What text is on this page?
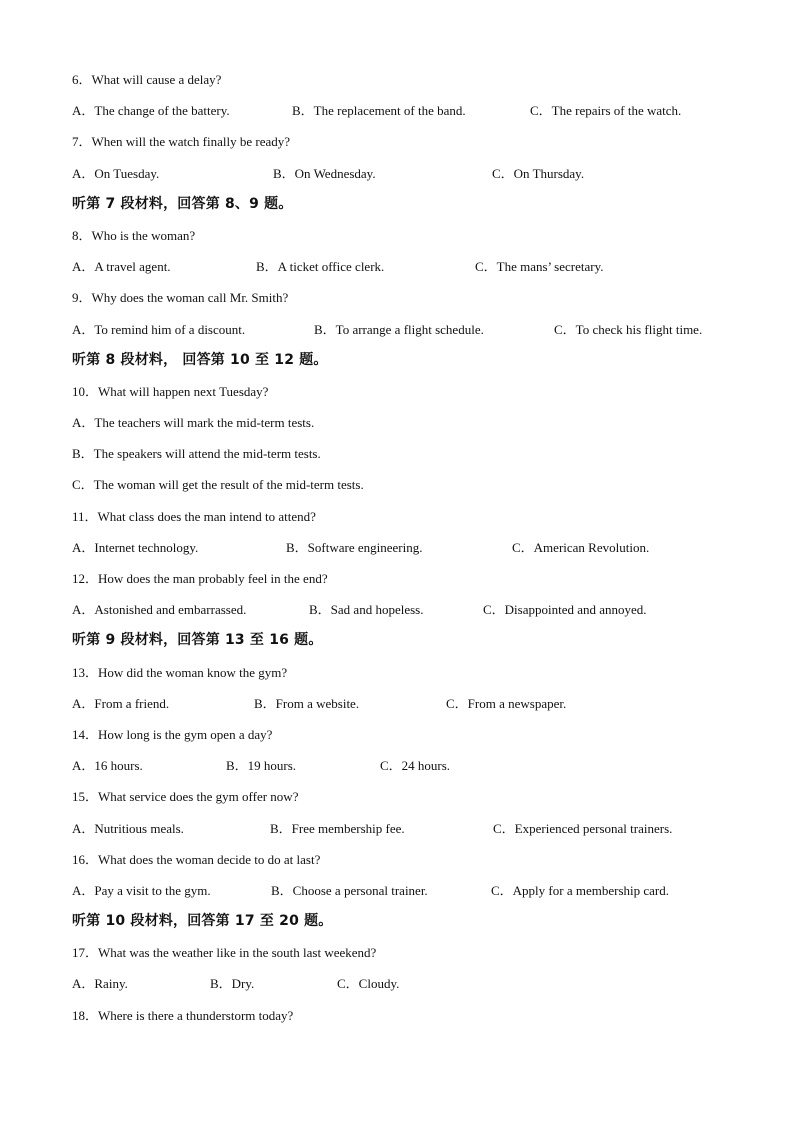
6．What will cause a delay?
A．The change of the battery.	B．The replacement of the band.	C．The repairs of the watch.
7．When will the watch finally be ready?
A．On Tuesday.	B．On Wednesday.	C．On Thursday.
听第 7 段材料，回答第 8、9 题。
8．Who is the woman?
A．A travel agent.	B．A ticket office clerk.	C．The mans’ secretary.
9．Why does the woman call Mr. Smith?
A．To remind him of a discount.	B．To arrange a flight schedule.	C．To check his flight time.
听第 8 段材料， 回答第 10 至 12 题。
10．What will happen next Tuesday?
A．The teachers will mark the mid-term tests.
B．The speakers will attend the mid-term tests.
C．The woman will get the result of the mid-term tests.
11．What class does the man intend to attend?
A．Internet technology.	B．Software engineering.	C．American Revolution.
12．How does the man probably feel in the end?
A．Astonished and embarrassed.	B．Sad and hopeless.	C．Disappointed and annoyed.
听第 9 段材料，回答第 13 至 16 题。
13．How did the woman know the gym?
A．From a friend.	B．From a website.	C．From a newspaper.
14．How long is the gym open a day?
A．16 hours.	B．19 hours.	C．24 hours.
15．What service does the gym offer now?
A．Nutritious meals.	B．Free membership fee.	C．Experienced personal trainers.
16．What does the woman decide to do at last?
A．Pay a visit to the gym.	B．Choose a personal trainer.	C．Apply for a membership card.
听第 10 段材料，回答第 17 至 20 题。
17．What was the weather like in the south last weekend?
A．Rainy.	B．Dry.	C．Cloudy.
18．Where is there a thunderstorm today?
